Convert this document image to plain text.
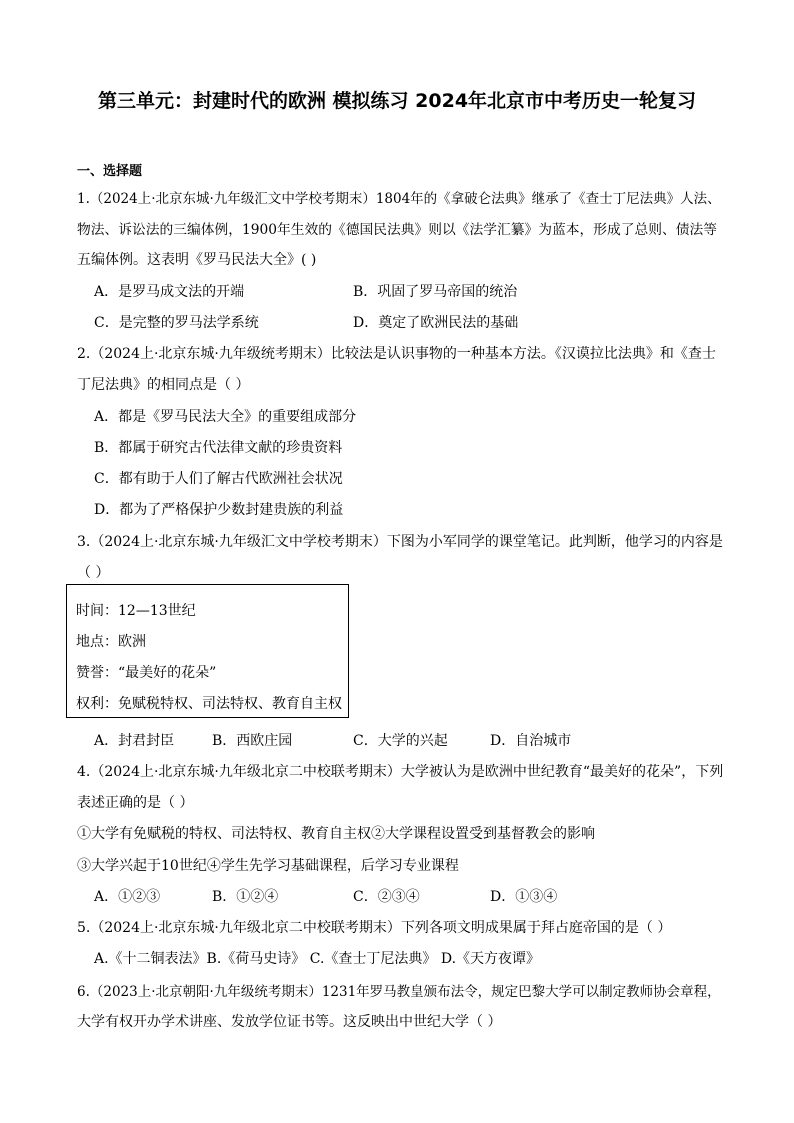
第三单元：封建时代的欧洲 模拟练习 2024年北京市中考历史一轮复习
一、选择题
1.（2024上·北京东城·九年级汇文中学校考期末）1804年的《拿破仑法典》继承了《查士丁尼法典》人法、
物法、诉讼法的三编体例，1900年生效的《德国民法典》则以《法学汇纂》为蓝本，形成了总则、债法等
五编体例。这表明《罗马民法大全》( )
A．是罗马成文法的开端	B．巩固了罗马帝国的统治
C．是完整的罗马法学系统	D．奠定了欧洲民法的基础
2.（2024上·北京东城·九年级统考期末）比较法是认识事物的一种基本方法。《汉谟拉比法典》和《查士
丁尼法典》的相同点是（ ）
A．都是《罗马民法大全》的重要组成部分
B．都属于研究古代法律文献的珍贵资料
C．都有助于人们了解古代欧洲社会状况
D．都为了严格保护少数封建贵族的利益
3.（2024上·北京东城·九年级汇文中学校考期末）下图为小军同学的课堂笔记。此判断，他学习的内容是
（ ）
时间：12—13世纪
地点：欧洲
赞誉：“最美好的花朵”
权利：免赋税特权、司法特权、教育自主权
A．封君封臣	B．西欧庄园	C．大学的兴起	D．自治城市
4.（2024上·北京东城·九年级北京二中校联考期末）大学被认为是欧洲中世纪教育“最美好的花朵”，下列
表述正确的是（ ）
①大学有免赋税的特权、司法特权、教育自主权②大学课程设置受到基督教会的影响
③大学兴起于10世纪④学生先学习基础课程，后学习专业课程
A．①②③	B．①②④	C．②③④	D．①③④
5.（2024上·北京东城·九年级北京二中校联考期末）下列各项文明成果属于拜占庭帝国的是（ ）
A.《十二铜表法》B.《荷马史诗》 C.《查士丁尼法典》 D.《天方夜谭》
6.（2023上·北京朝阳·九年级统考期末）1231年罗马教皇颁布法令，规定巴黎大学可以制定教师协会章程，
大学有权开办学术讲座、发放学位证书等。这反映出中世纪大学（ ）
